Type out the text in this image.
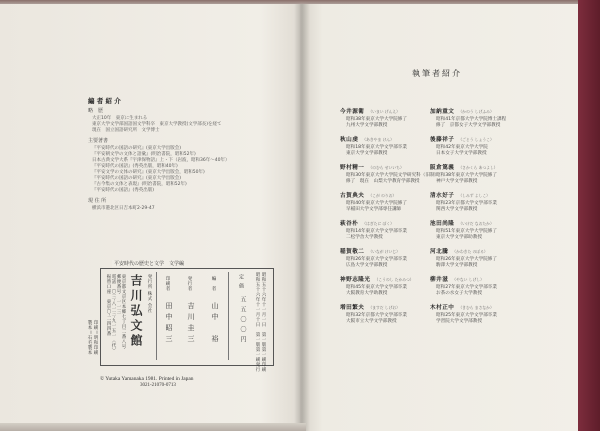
編 者 紹 介
略　歴
大正10年　東京に生まれる
東京大学文学部国語国文学科卒　東京大学教授(文学部長)を経て
現在　国立国語研究所　文学博士
主要著書
『平安時代の国語の研究』(東京大学出版会)
『平安朝文学の文体と語彙』(明治書院，昭和52年)
日本古典文学大系『宇津保物語』上・下（岩波，昭和36年〜40年）
『平安時代の国語』(秀英出版，昭和40年)
『平安文学の文体の研究』(東京大学出版会，昭和50年)
『平安時代の国語の研究』(東京大学出版会)
『古今集の文体と表現』(明治書院，昭和52年)
『平安時代の国語』(秀英出版)
現 住 所
横浜市港北区日吉本町2-29-47
平安時代の歴史と文学　文学編
昭和五十六年十一月一日　第一版第一刷印刷
昭和五十六年十一月十日　第一版第一刷発行
定価
五五〇〇円
編　者
山中　裕
発行者
吉川圭三
印刷者
田中昭三
発行所 株式 会社
吉川弘文館
東京都文京区本郷七丁目二番八号
郵便番号　一一三
電話　〇三‐八一三‐九一五一〈代〉
振替口座　東京〇‐二四四番
印刷＝明和印刷
製本＝石毛製本
© Yutaka Yamanaka 1981. Printed in Japan
3021-21070-0713
執筆者紹介
今井源衛 （いまい げんえ）
昭和38年東京大学大学院修了
九州大学文学部教授
秋山虔 （あきやま けん）
昭和18年東京大学文学部卒業
東京大学文学部教授
野村精一 （のむら せいいち）
昭和30年東京大学大学院文学研究科（旧制）
修了　現在　山梨大学教育学部教授
古賀典夫 （こが のりお）
昭和40年東京大学大学院修了
早稲田大学文学部専任講師
萩谷朴 （はぎたに ぼく）
昭和14年東京大学文学部卒業
二松学舎大学教授
稲賀敬二 （いなが けいじ）
昭和26年東京大学文学部卒業
広島大学文学部教授
神野志隆光 （こうのし たかみつ）
昭和45年東京大学文学部卒業
大阪教育大学助教授
増田繁夫 （ますだ しげお）
昭和32年京都大学文学部卒業
大阪市立大学文学部教授
加納重文 （かのう しげふみ）
昭和41年京都大学大学院博士課程
修了　京都女子大学文学部教授
後藤祥子 （ごとう しょうこ）
昭和42年東京大学大学院
日本女子大学文学部教授
阪倉篤義 （さかくら あつよし）
昭和38年東京大学大学院修了
神戸大学文学部教授
清水好子 （しみず よしこ）
昭和23年京都大学文学部卒業
関西大学文学部教授
池田尚隆 （いけだ なおたか）
昭和51年東京大学大学院修了
東京大学文学部助教授
河北騰 （かわきた のぼる）
昭和26年東京大学大学院修了
駒澤大学文学部教授
柳井滋 （やない しげし）
昭和27年東京大学文学部卒業
お茶の水女子大学教授
木村正中 （きむら まさなか）
昭和25年東京大学文学部卒業
学習院大学文学部教授
